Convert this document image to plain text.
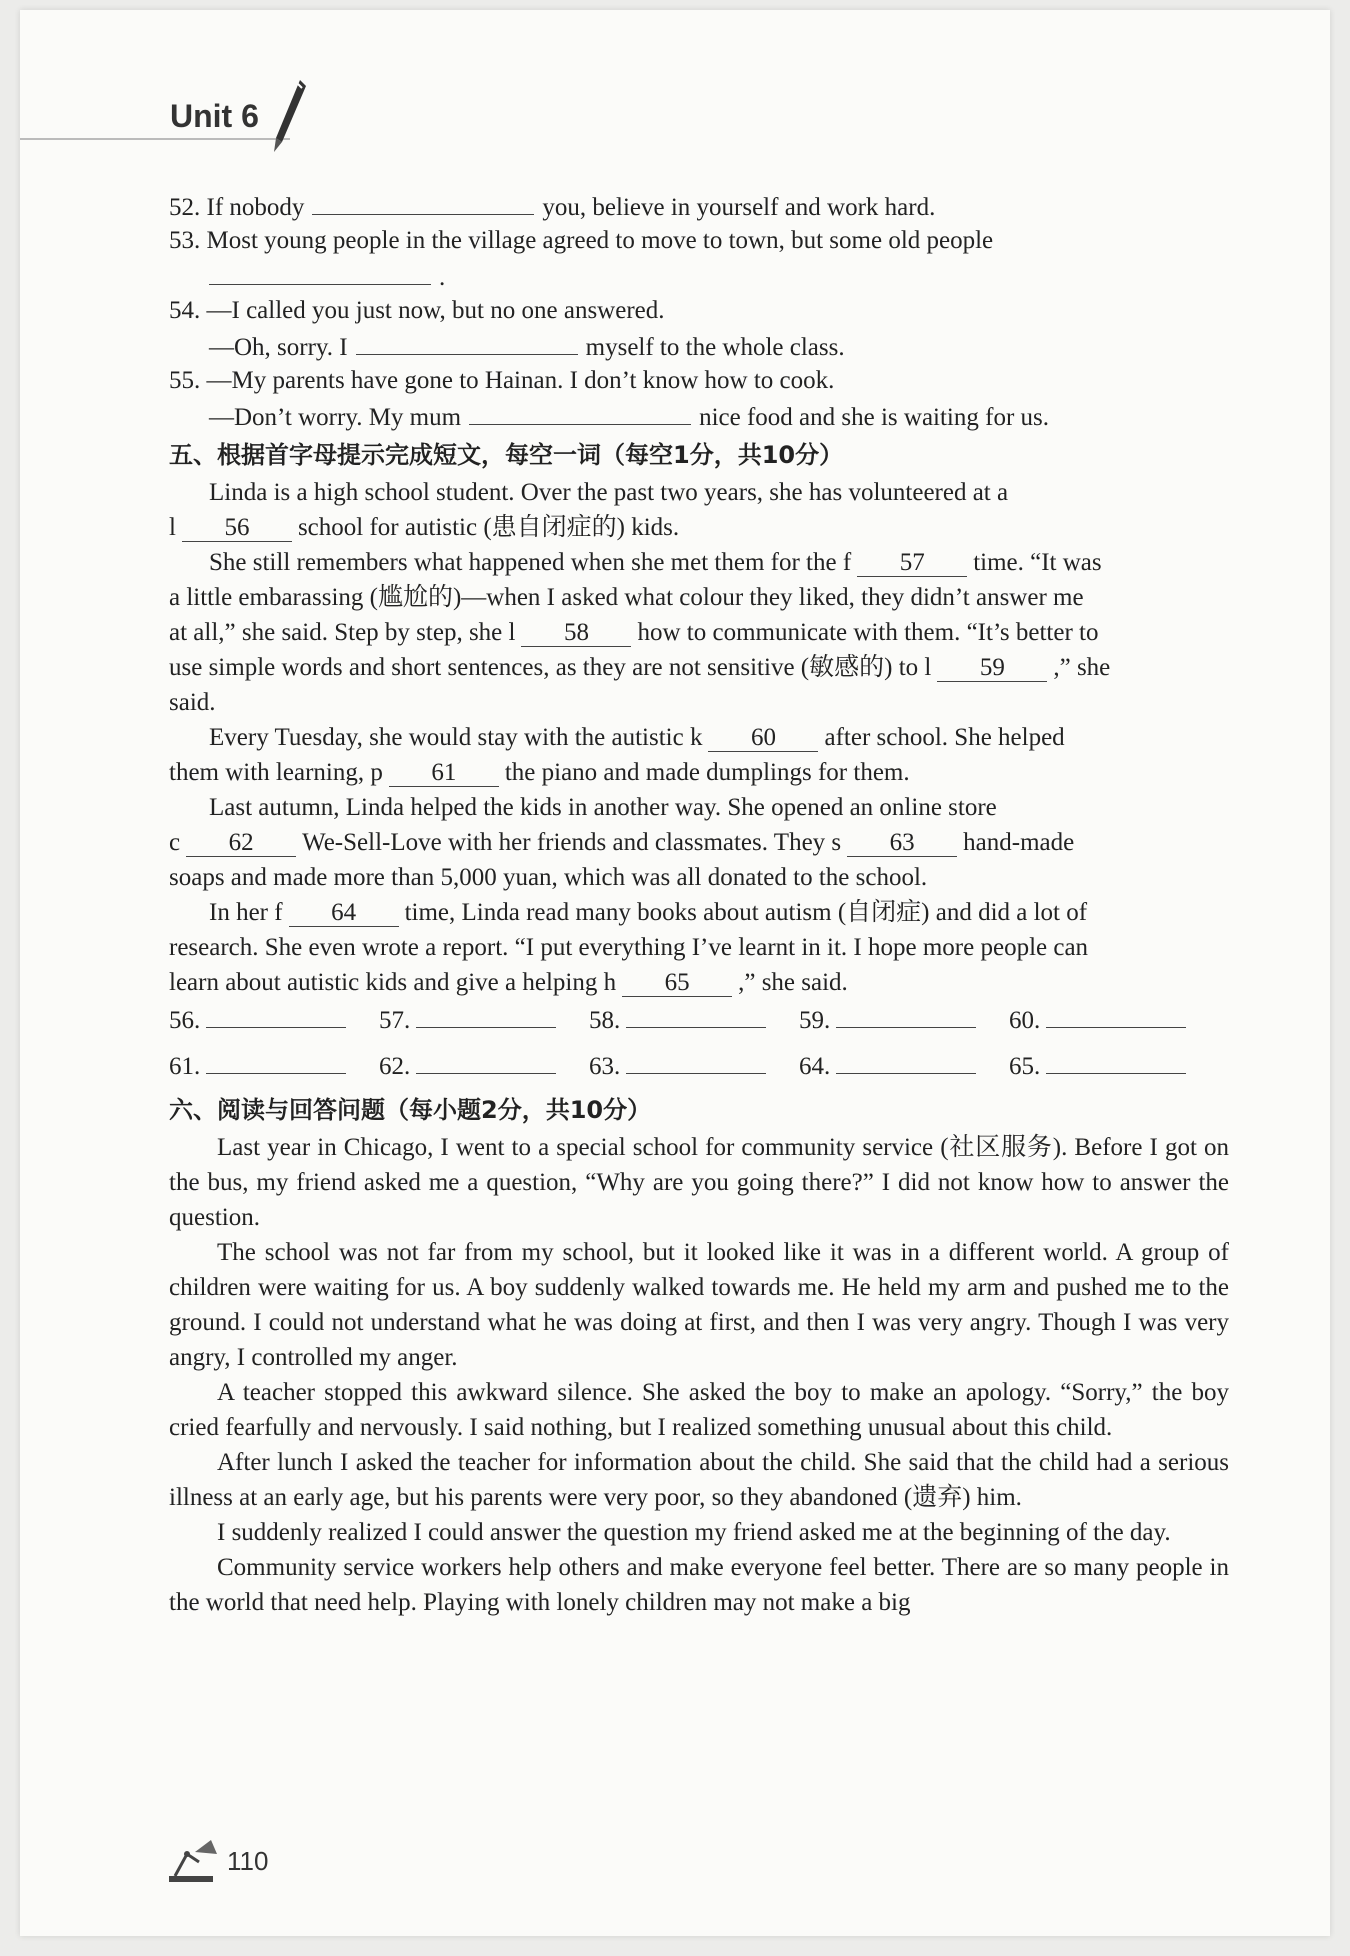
Unit 6
52. If nobody	you, believe in yourself and work hard.
53. Most young people in the village agreed to move to town, but some old people
.
54. —I called you just now, but no one answered.
—Oh, sorry. I	myself to the whole class.
55. —My parents have gone to Hainan. I don’t know how to cook.
—Don’t worry. My mum	nice food and she is waiting for us.
五、根据首字母提示完成短文，每空一词（每空1分，共10分）
Linda is a high school student. Over the past two years, she has volunteered at a
l 56 school for autistic (患自闭症的) kids.
She still remembers what happened when she met them for the f 57 time. “It was
a little embarassing (尴尬的)—when I asked what colour they liked, they didn’t answer me
at all,” she said. Step by step, she l 58 how to communicate with them. “It’s better to
use simple words and short sentences, as they are not sensitive (敏感的) to l 59 ,” she
said.
Every Tuesday, she would stay with the autistic k 60 after school. She helped
them with learning, p 61 the piano and made dumplings for them.
Last autumn, Linda helped the kids in another way. She opened an online store
c 62 We-Sell-Love with her friends and classmates. They s 63 hand-made
soaps and made more than 5,000 yuan, which was all donated to the school.
In her f 64 time, Linda read many books about autism (自闭症) and did a lot of
research. She even wrote a report. “I put everything I’ve learnt in it. I hope more people can
learn about autistic kids and give a helping h 65 ,” she said.
56.	57.	58.	59.	60.
61.	62.	63.	64.	65.
六、阅读与回答问题（每小题2分，共10分）
Last year in Chicago, I went to a special school for community service (社区服务). Before I got on the bus, my friend asked me a question, “Why are you going there?” I did not know how to answer the question.
The school was not far from my school, but it looked like it was in a different world. A group of children were waiting for us. A boy suddenly walked towards me. He held my arm and pushed me to the ground. I could not understand what he was doing at first, and then I was very angry. Though I was very angry, I controlled my anger.
A teacher stopped this awkward silence. She asked the boy to make an apology. “Sorry,” the boy cried fearfully and nervously. I said nothing, but I realized something unusual about this child.
After lunch I asked the teacher for information about the child. She said that the child had a serious illness at an early age, but his parents were very poor, so they abandoned (遗弃) him.
I suddenly realized I could answer the question my friend asked me at the beginning of the day.
Community service workers help others and make everyone feel better. There are so many people in the world that need help. Playing with lonely children may not make a big
110
